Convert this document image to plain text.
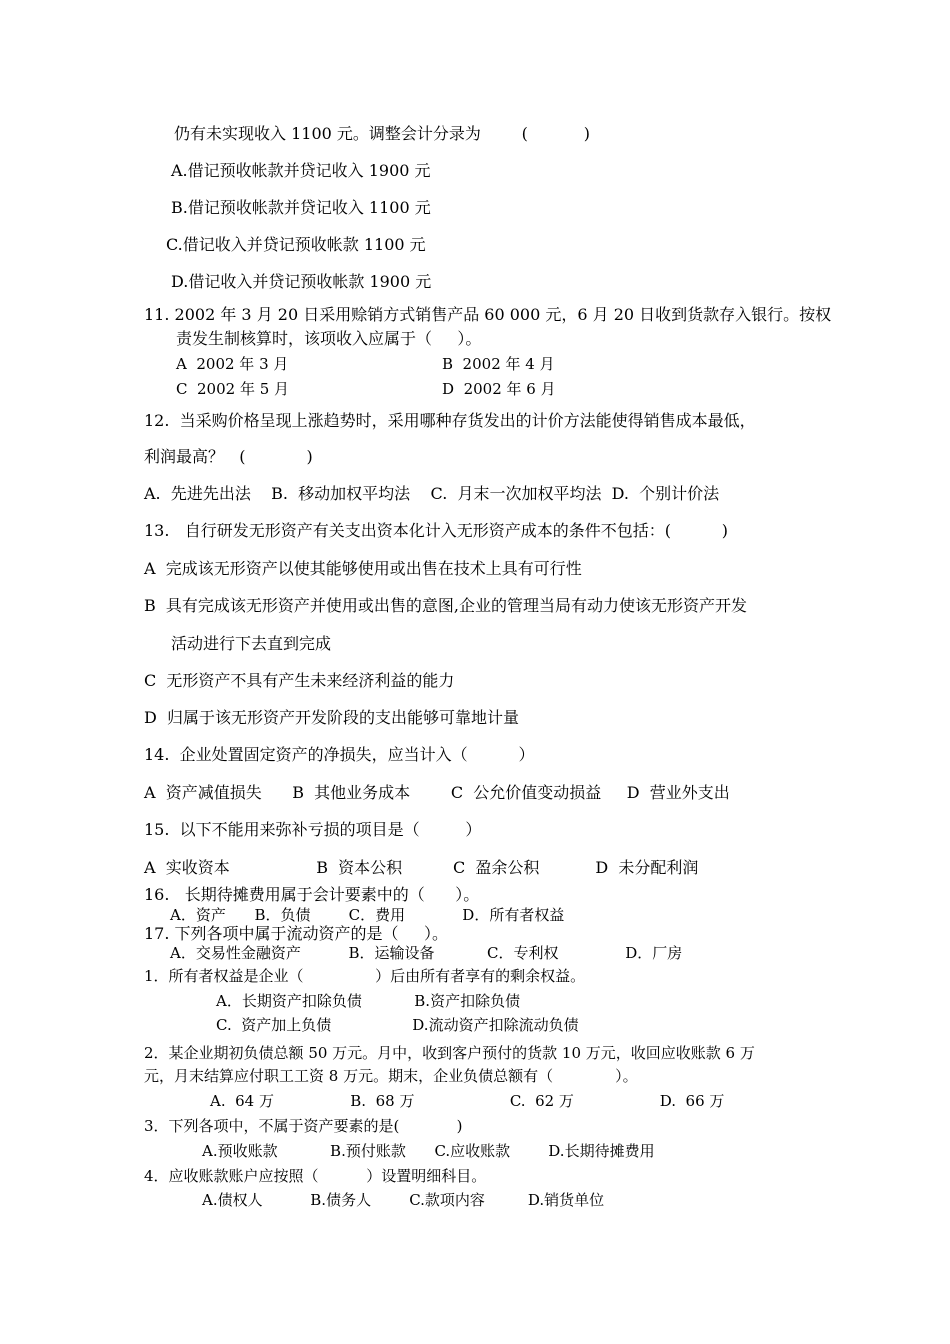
仍有未实现收入 1100 元。调整会计分录为        (           )
A.借记预收帐款并贷记收入 1900 元
B.借记预收帐款并贷记收入 1100 元
C.借记收入并贷记预收帐款 1100 元
D.借记收入并贷记预收帐款 1900 元
11. 2002 年 3 月 20 日采用赊销方式销售产品 60 000 元，6 月 20 日收到货款存入银行。按权
责发生制核算时，该项收入应属于（     ）。
A  2002 年 3 月	B  2002 年 4 月
C  2002 年 5 月	D  2002 年 6 月
12.  当采购价格呈现上涨趋势时，采用哪种存货发出的计价方法能使得销售成本最低，
利润最高？   (            )
A.  先进先出法    B.  移动加权平均法    C.  月末一次加权平均法  D.  个别计价法
13.   自行研发无形资产有关支出资本化计入无形资产成本的条件不包括：(          )
A  完成该无形资产以使其能够使用或出售在技术上具有可行性
B  具有完成该无形资产并使用或出售的意图,企业的管理当局有动力使该无形资产开发
活动进行下去直到完成
C  无形资产不具有产生未来经济利益的能力
D  归属于该无形资产开发阶段的支出能够可靠地计量
14.  企业处置固定资产的净损失，应当计入（          ）
A  资产减值损失      B  其他业务成本        C  公允价值变动损益     D  营业外支出
15.  以下不能用来弥补亏损的项目是（         ）
A  实收资本                 B  资本公积          C  盈余公积           D  未分配利润
16.   长期待摊费用属于会计要素中的（      ）。
A．资产      B．负债        C．费用            D．所有者权益
17. 下列各项中属于流动资产的是（     ）。
A．交易性金融资产          B．运输设备           C．专利权              D．厂房
1．所有者权益是企业（               ）后由所有者享有的剩余权益。
A．长期资产扣除负债           B.资产扣除负债
C.  资产加上负债                 D.流动资产扣除流动负债
2．某企业期初负债总额 50 万元。月中，收到客户预付的货款 10 万元，收回应收账款 6 万
元，月末结算应付职工工资 8 万元。期末，企业负债总额有（             ）。
A.  64 万                B.  68 万                    C.  62 万                  D.  66 万
3．下列各项中，不属于资产要素的是(            )
A.预收账款           B.预付账款      C.应收账款        D.长期待摊费用
4．应收账款账户应按照（          ）设置明细科目。
A.债权人          B.债务人        C.款项内容         D.销货单位
